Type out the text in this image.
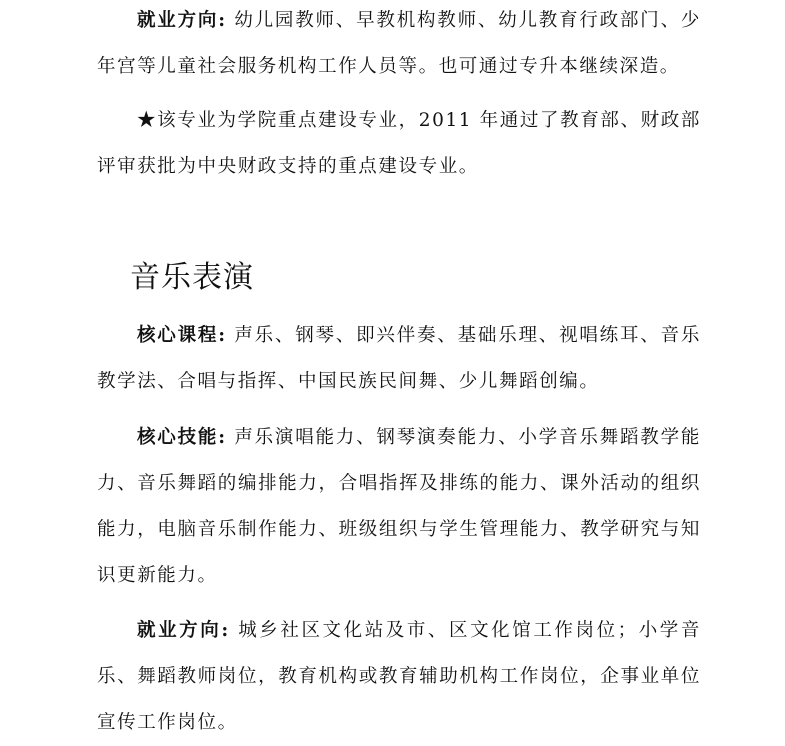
就业方向: 幼儿园教师、早教机构教师、幼儿教育行政部门、少年宫等儿童社会服务机构工作人员等。也可通过专升本继续深造。

★该专业为学院重点建设专业，2011 年通过了教育部、财政部评审获批为中央财政支持的重点建设专业。

音乐表演

核心课程: 声乐、钢琴、即兴伴奏、基础乐理、视唱练耳、音乐教学法、合唱与指挥、中国民族民间舞、少儿舞蹈创编。

核心技能: 声乐演唱能力、钢琴演奏能力、小学音乐舞蹈教学能力、音乐舞蹈的编排能力，合唱指挥及排练的能力、课外活动的组织能力，电脑音乐制作能力、班级组织与学生管理能力、教学研究与知识更新能力。

就业方向: 城乡社区文化站及市、区文化馆工作岗位；小学音乐、舞蹈教师岗位，教育机构或教育辅助机构工作岗位，企事业单位宣传工作岗位。
